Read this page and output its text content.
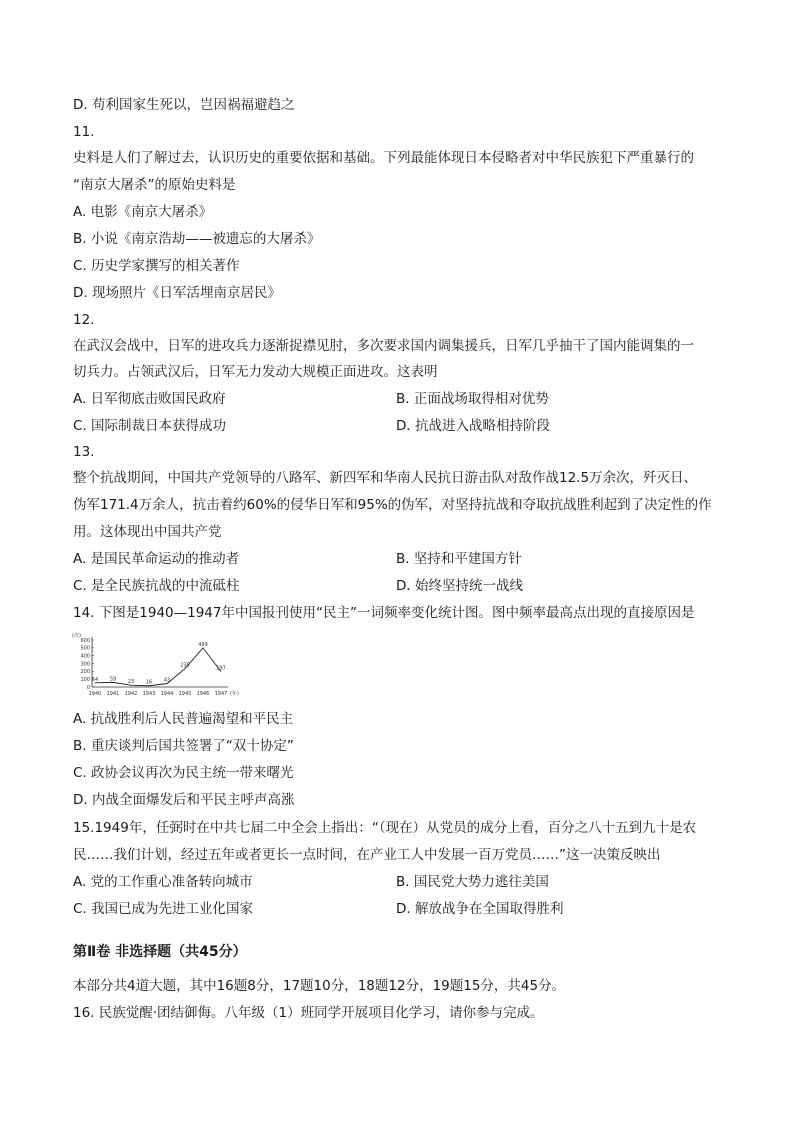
D. 苟利国家生死以，岂因祸福避趋之
11.
史料是人们了解过去，认识历史的重要依据和基础。下列最能体现日本侵略者对中华民族犯下严重暴行的
“南京大屠杀”的原始史料是
A. 电影《南京大屠杀》
B. 小说《南京浩劫——被遗忘的大屠杀》
C. 历史学家撰写的相关著作
D. 现场照片《日军活埋南京居民》
12.
在武汉会战中，日军的进攻兵力逐渐捉襟见肘，多次要求国内调集援兵，日军几乎抽干了国内能调集的一
切兵力。占领武汉后，日军无力发动大规模正面进攻。这表明
A. 日军彻底击败国民政府	B. 正面战场取得相对优势
C. 国际制裁日本获得成功	D. 抗战进入战略相持阶段
13.
整个抗战期间，中国共产党领导的八路军、新四军和华南人民抗日游击队对敌作战12.5万余次，歼灭日、
伪军171.4万余人，抗击着约60%的侵华日军和95%的伪军，对坚持抗战和夺取抗战胜利起到了决定性的作
用。这体现出中国共产党
A. 是国民革命运动的推动者	B. 坚持和平建国方针
C. 是全民族抗战的中流砥柱	D. 始终坚持统一战线
14. 下图是1940—1947年中国报刊使用“民主”一词频率变化统计图。图中频率最高点出现的直接原因是
(次)
(年)
0
100
200
300
400
500
600
1940 1941 1942 1943 1944 1945 1946 1947
54 59 23 16 43
235
499
197
A. 抗战胜利后人民普遍渴望和平民主
B. 重庆谈判后国共签署了“双十协定”
C. 政协会议再次为民主统一带来曙光
D. 内战全面爆发后和平民主呼声高涨
15.1949年，任弼时在中共七届二中全会上指出：“（现在）从党员的成分上看，百分之八十五到九十是农
民……我们计划，经过五年或者更长一点时间，在产业工人中发展一百万党员……”这一决策反映出
A. 党的工作重心准备转向城市	B. 国民党大势力逃往美国
C. 我国已成为先进工业化国家	D. 解放战争在全国取得胜利
第Ⅱ卷 非选择题（共45分）
本部分共4道大题，其中16题8分，17题10分，18题12分，19题15分，共45分。
16. 民族觉醒·团结御侮。八年级（1）班同学开展项目化学习，请你参与完成。
